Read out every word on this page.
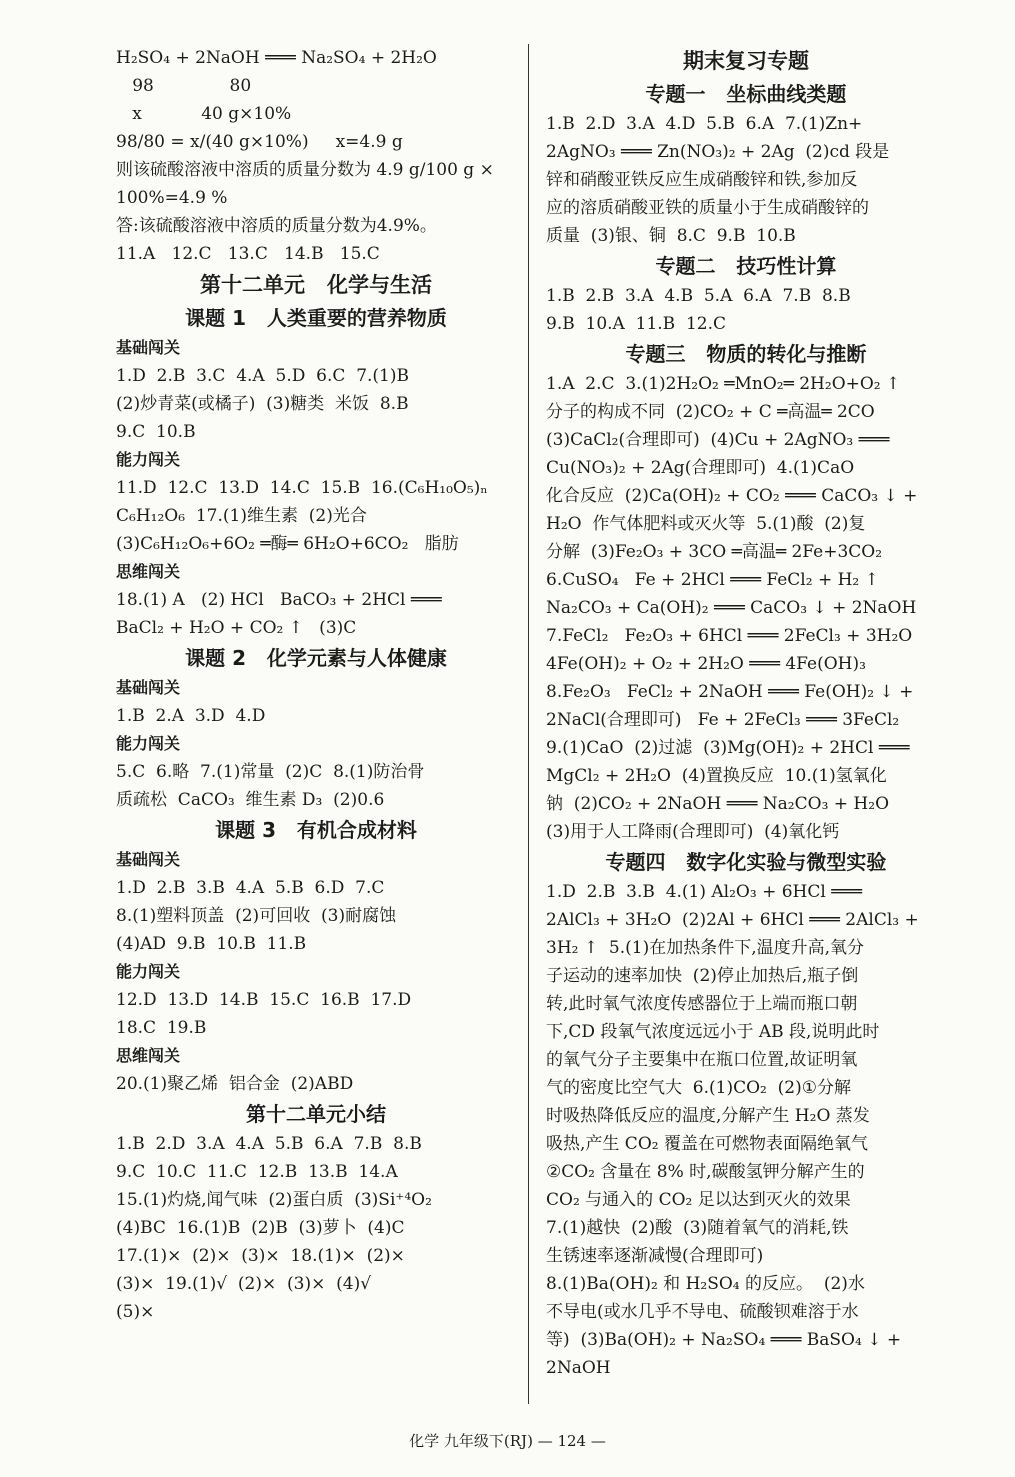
H₂SO₄ + 2NaOH ═══ Na₂SO₄ + 2H₂O
98              80
x           40 g×10%
98/80 = x/(40 g×10%)     x=4.9 g
则该硫酸溶液中溶质的质量分数为 4.9 g/100 g ×
100%=4.9 %
答:该硫酸溶液中溶质的质量分数为4.9%。
11.A   12.C   13.C   14.B   15.C
第十二单元   化学与生活
课题 1   人类重要的营养物质
基础闯关
1.D  2.B  3.C  4.A  5.D  6.C  7.(1)B
(2)炒青菜(或橘子)  (3)糖类  米饭  8.B
9.C  10.B
能力闯关
11.D  12.C  13.D  14.C  15.B  16.(C₆H₁₀O₅)ₙ
C₆H₁₂O₆  17.(1)维生素  (2)光合
(3)C₆H₁₂O₆+6O₂ ═酶═ 6H₂O+6CO₂   脂肪
思维闯关
18.(1) A   (2) HCl   BaCO₃ + 2HCl ═══
BaCl₂ + H₂O + CO₂ ↑   (3)C
课题 2   化学元素与人体健康
基础闯关
1.B  2.A  3.D  4.D
能力闯关
5.C  6.略  7.(1)常量  (2)C  8.(1)防治骨
质疏松  CaCO₃  维生素 D₃  (2)0.6
课题 3   有机合成材料
基础闯关
1.D  2.B  3.B  4.A  5.B  6.D  7.C
8.(1)塑料顶盖  (2)可回收  (3)耐腐蚀
(4)AD  9.B  10.B  11.B
能力闯关
12.D  13.D  14.B  15.C  16.B  17.D
18.C  19.B
思维闯关
20.(1)聚乙烯  铝合金  (2)ABD
第十二单元小结
1.B  2.D  3.A  4.A  5.B  6.A  7.B  8.B
9.C  10.C  11.C  12.B  13.B  14.A
15.(1)灼烧,闻气味  (2)蛋白质  (3)Si⁺⁴O₂
(4)BC  16.(1)B  (2)B  (3)萝卜  (4)C
17.(1)×  (2)×  (3)×  18.(1)×  (2)×
(3)×  19.(1)√  (2)×  (3)×  (4)√
(5)×
期末复习专题
专题一   坐标曲线类题
1.B  2.D  3.A  4.D  5.B  6.A  7.(1)Zn+
2AgNO₃ ═══ Zn(NO₃)₂ + 2Ag  (2)cd 段是
锌和硝酸亚铁反应生成硝酸锌和铁,参加反
应的溶质硝酸亚铁的质量小于生成硝酸锌的
质量  (3)银、铜  8.C  9.B  10.B
专题二   技巧性计算
1.B  2.B  3.A  4.B  5.A  6.A  7.B  8.B
9.B  10.A  11.B  12.C
专题三   物质的转化与推断
1.A  2.C  3.(1)2H₂O₂ ═MnO₂═ 2H₂O+O₂ ↑
分子的构成不同  (2)CO₂ + C ═高温═ 2CO
(3)CaCl₂(合理即可)  (4)Cu + 2AgNO₃ ═══
Cu(NO₃)₂ + 2Ag(合理即可)  4.(1)CaO
化合反应  (2)Ca(OH)₂ + CO₂ ═══ CaCO₃ ↓ +
H₂O  作气体肥料或灭火等  5.(1)酸  (2)复
分解  (3)Fe₂O₃ + 3CO ═高温═ 2Fe+3CO₂
6.CuSO₄   Fe + 2HCl ═══ FeCl₂ + H₂ ↑
Na₂CO₃ + Ca(OH)₂ ═══ CaCO₃ ↓ + 2NaOH
7.FeCl₂   Fe₂O₃ + 6HCl ═══ 2FeCl₃ + 3H₂O
4Fe(OH)₂ + O₂ + 2H₂O ═══ 4Fe(OH)₃
8.Fe₂O₃   FeCl₂ + 2NaOH ═══ Fe(OH)₂ ↓ +
2NaCl(合理即可)   Fe + 2FeCl₃ ═══ 3FeCl₂
9.(1)CaO  (2)过滤  (3)Mg(OH)₂ + 2HCl ═══
MgCl₂ + 2H₂O  (4)置换反应  10.(1)氢氧化
钠  (2)CO₂ + 2NaOH ═══ Na₂CO₃ + H₂O
(3)用于人工降雨(合理即可)  (4)氧化钙
专题四   数字化实验与微型实验
1.D  2.B  3.B  4.(1) Al₂O₃ + 6HCl ═══
2AlCl₃ + 3H₂O  (2)2Al + 6HCl ═══ 2AlCl₃ +
3H₂ ↑  5.(1)在加热条件下,温度升高,氧分
子运动的速率加快  (2)停止加热后,瓶子倒
转,此时氧气浓度传感器位于上端而瓶口朝
下,CD 段氧气浓度远远小于 AB 段,说明此时
的氧气分子主要集中在瓶口位置,故证明氧
气的密度比空气大  6.(1)CO₂  (2)①分解
时吸热降低反应的温度,分解产生 H₂O 蒸发
吸热,产生 CO₂ 覆盖在可燃物表面隔绝氧气
②CO₂ 含量在 8% 时,碳酸氢钾分解产生的
CO₂ 与通入的 CO₂ 足以达到灭火的效果
7.(1)越快  (2)酸  (3)随着氧气的消耗,铁
生锈速率逐渐减慢(合理即可)
8.(1)Ba(OH)₂ 和 H₂SO₄ 的反应。  (2)水
不导电(或水几乎不导电、硫酸钡难溶于水
等)  (3)Ba(OH)₂ + Na₂SO₄ ═══ BaSO₄ ↓ +
2NaOH
化学 九年级下(RJ) — 124 —
